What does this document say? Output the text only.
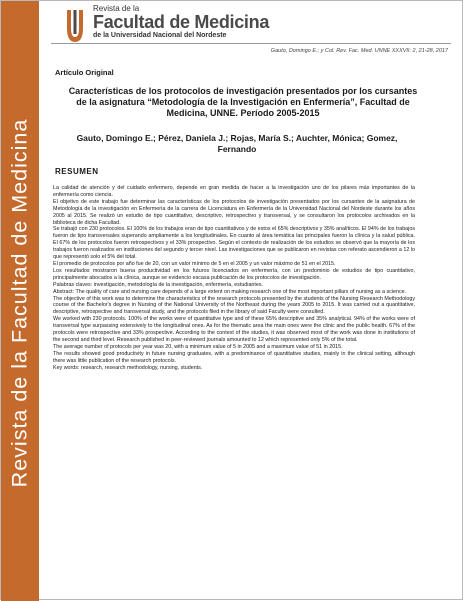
Revista de la Facultad de Medicina
Revista de la
Facultad de Medicina
de la Universidad Nacional del Nordeste
Gauto, Domingo E.; y Col. Rev. Fac. Med. UNNE XXXVII: 2, 21-28, 2017
Artículo Original
Características de los protocolos de investigación presentados por los cursantes de la asignatura “Metodología de la Investigación en Enfermería”, Facultad de Medicina, UNNE. Período 2005-2015
Gauto, Domingo E.; Pérez, Daniela J.; Rojas, María S.; Auchter, Mónica; Gomez, Fernando
RESUMEN

La calidad de atención y del cuidado enfermero, depende en gran medida de hacer a la investigación uno de los pilares más importantes de la enfermería como ciencia.

El objetivo de este trabajo fue determinar las características de los protocolos de investigación presentados por los cursantes de la asignatura de Metodología de la investigación en Enfermería de la carrera de Licenciatura en Enfermería de la Universidad Nacional del Nordeste durante los años 2005 al 2015. Se realizó un estudio de tipo cuantitativo, descriptivo, retrospectivo y transversal, y se consultaron los protocolos archivados en la biblioteca de dicha Facultad.

Se trabajó con 230 protocolos. El 100% de los trabajos eran de tipo cuantitativos y de estos el 65% descriptivos y 35% analíticos. El 94% de los trabajos fueron de tipo transversales superando ampliamente a los longitudinales. En cuanto al área temática las principales fueron la clínica y la salud pública. El 67% de los protocolos fueron retrospectivos y el 33% prospectivo. Según el contexto de realización de los estudios se observó que la mayoría de los trabajos fueron realizados en instituciones del segundo y tercer nivel. Las investigaciones que se publicaron en revistas con referato ascendieron a 12 lo que representó solo el 5% del total.

El promedio de protocolos por año fue de 20, con un valor mínimo de 5 en el 2005 y un valor máximo de 51 en el 2015.

Los resultados mostraron buena productividad en los futuros licenciados en enfermería, con un predominio de estudios de tipo cuantitativo, principalmente abocados a la clínica, aunque se evidencio escasa publicación de los protocolos de investigación.

Palabras claves: investigación, metodología de la investigación, enfermería, estudiantes.

Abstract: The quality of care and nursing care depends of a large extent on making research one of the most important pillars of nursing as a science.

The objective of this work was to determine the characteristics of the research protocols presented by the students of the Nursing Research Methodology course of the Bachelor's degree in Nursing of the National University of the Northeast during the years 2005 to 2015. It was carried out a quantitative, descriptive, retrospective and transversal study, and the protocols filed in the library of said Faculty were consulted.

We worked with 230 protocols. 100% of the works were of quantitative type and of these 65% descriptive and 35% analytical. 94% of the works were of transversal type surpassing extensively to the longitudinal ones. As for the thematic area the main ones were the clinic and the public health. 67% of the protocols were retrospective and 33% prospective. According to the context of the studies, it was observed most of the work was done in institutions of the second and third level. Research published in peer-reviewed journals amounted to 12 which represented only 5% of the total.

The average number of protocols per year was 20, with a minimum value of 5 in 2005 and a maximum value of 51 in 2015.

The results showed good productivity in future nursing graduates, with a predominance of quantitative studies, mainly in the clinical setting, although there was little publication of the research protocols.

Key words: research, research methodology, nursing, students.
